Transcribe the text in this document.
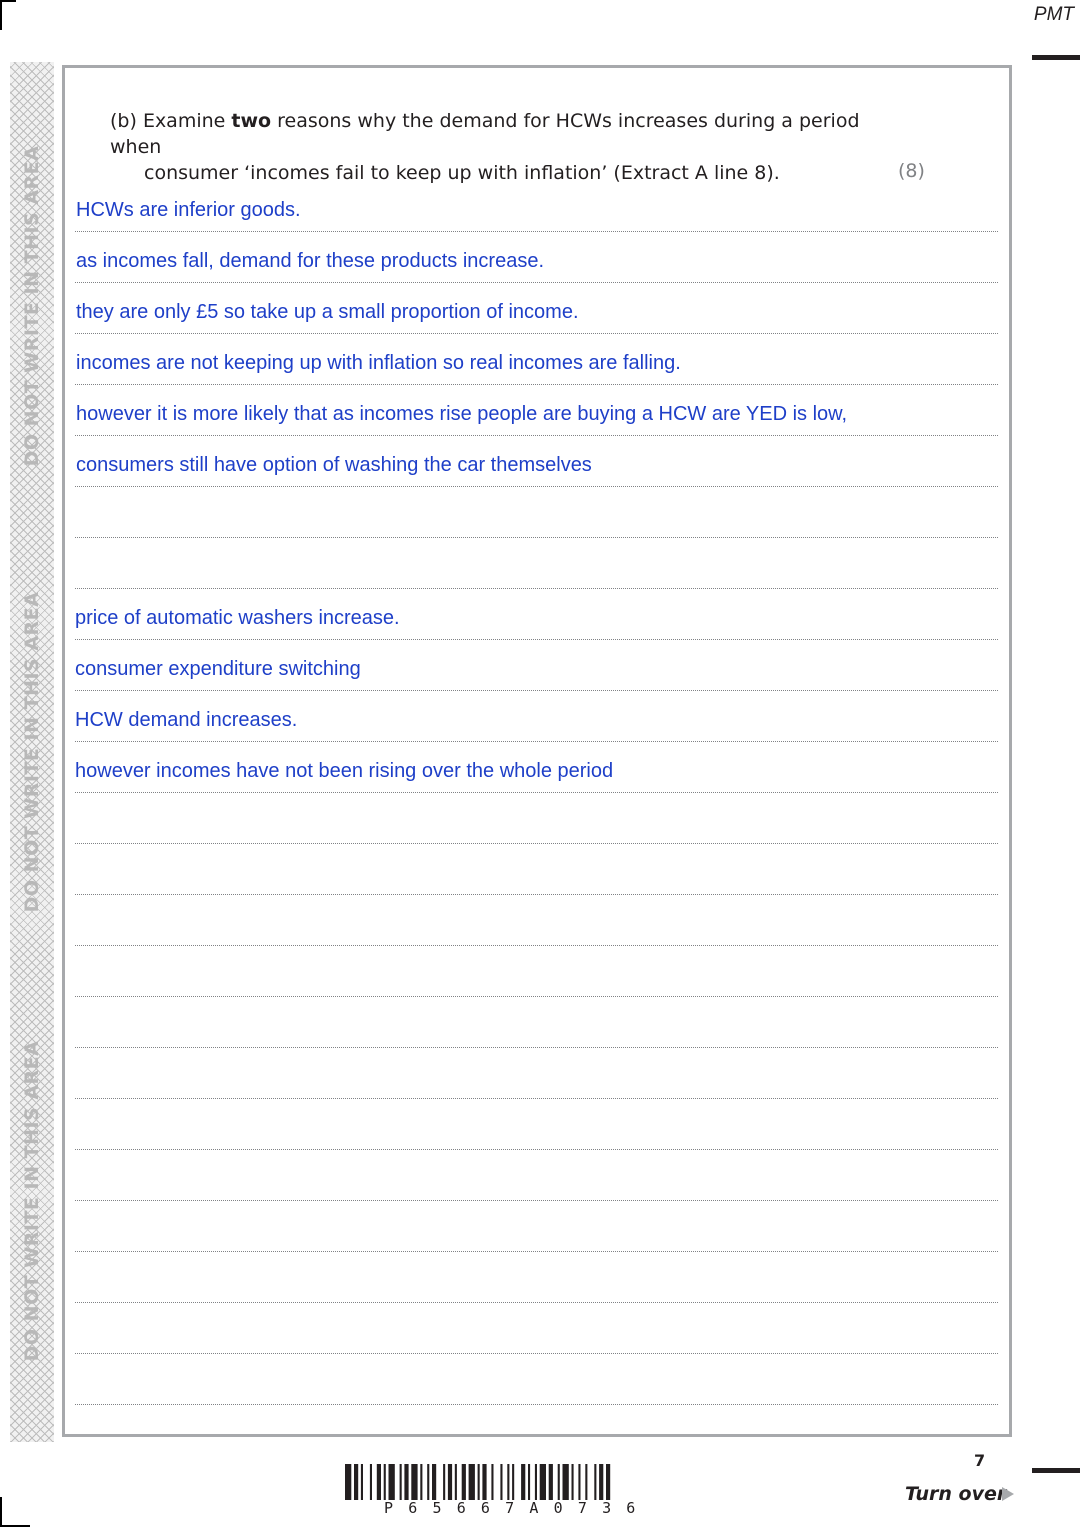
PMT
DO NOT WRITE IN THIS AREA
DO NOT WRITE IN THIS AREA
DO NOT WRITE IN THIS AREA
(b) Examine two reasons why the demand for HCWs increases during a period when
consumer ‘incomes fail to keep up with inflation’ (Extract A line 8).	(8)
HCWs are inferior goods.
as incomes fall, demand for these products increase.
they are only £5 so take up a small proportion of income.
incomes are not keeping up with inflation so real incomes are falling.
however it is more likely that as incomes rise people are buying a HCW are YED is low,
consumers still have option of washing the car themselves
price of automatic washers increase.
consumer expenditure switching
HCW demand increases.
however incomes have not been rising over the whole period
P65667A0736
7
Turn over
